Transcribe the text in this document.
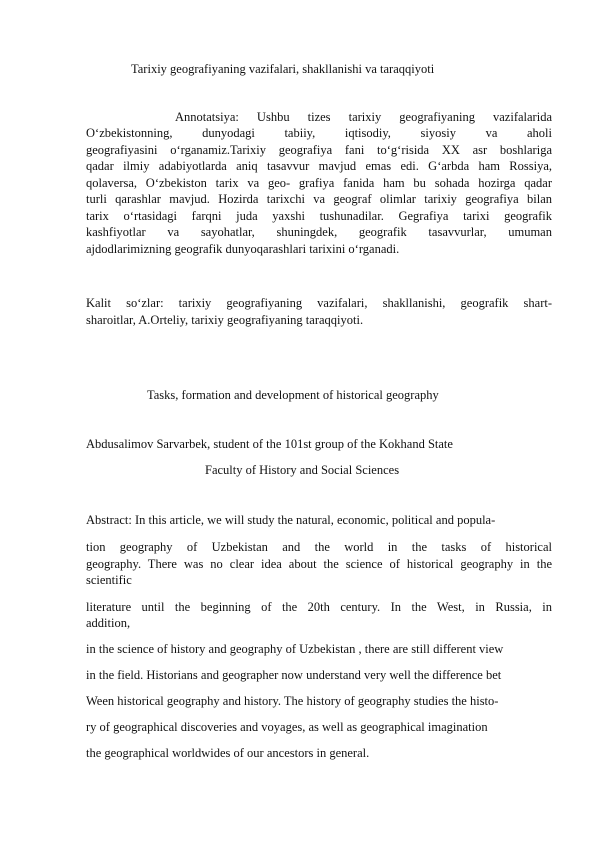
Tarixiy geografiyaning vazifalari, shakllanishi va taraqqiyoti
Annotatsiya: Ushbu tizes tarixiy geografiyaning vazifalarida
O‘zbekistonning, dunyodagi tabiiy, iqtisodiy, siyosiy va aholi
geografiyasini o‘rganamiz.Tarixiy geografiya fani to‘g‘risida XX asr boshlariga
qadar ilmiy adabiyotlarda aniq tasavvur mavjud emas edi. G‘arbda ham Rossiya,
qolaversa, O‘zbekiston tarix va geo- grafiya fanida ham bu sohada hozirga qadar
turli qarashlar mavjud. Hozirda tarixchi va geograf olimlar tarixiy geografiya bilan
tarix o‘rtasidagi farqni juda yaxshi tushunadilar. Gegrafiya tarixi geografik
kashfiyotlar va sayohatlar, shuningdek, geografik tasavvurlar, umuman
ajdodlarimizning geografik dunyoqarashlari tarixini o‘rganadi.
Kalit so‘zlar: tarixiy geografiyaning vazifalari, shakllanishi, geografik shart-
sharoitlar, A.Orteliy, tarixiy geografiyaning taraqqiyoti.
Tasks, formation and development of historical geography
Abdusalimov Sarvarbek, student of the 101st group of the Kokhand State
Faculty of History and Social Sciences
Abstract: In this article, we will study the natural, economic, political and popula-
tion geography of Uzbekistan and the world in the tasks of historical
geography. There was no clear idea about the science of historical geography in the
scientific
literature until the beginning of the 20th century. In the West, in Russia, in
addition,
in the science of history and geography of Uzbekistan , there are still different view
in the field. Historians and geographer now understand very well the difference bet
Ween historical geography and history. The history of geography studies the histo-
ry of geographical discoveries and voyages, as well as geographical imagination
the geographical worldwides of our ancestors in general.
